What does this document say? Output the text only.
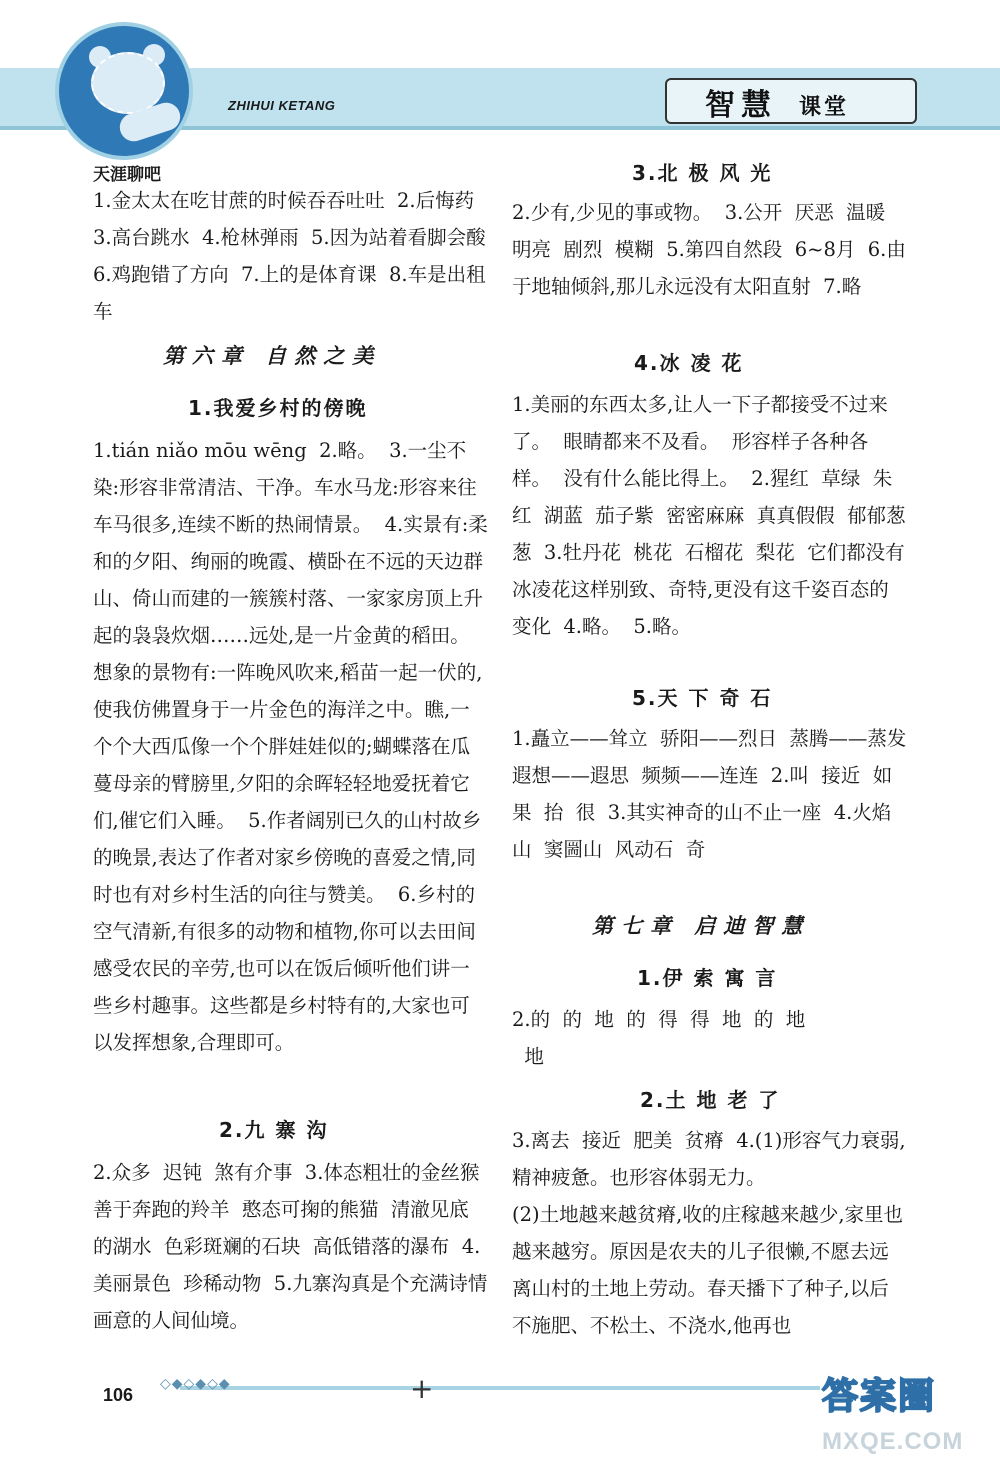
ZHIHUI KETANG	智慧 课堂
天涯聊吧
1.金太太在吃甘蔗的时候吞吞吐吐  2.后悔药  3.高台跳水  4.枪林弹雨  5.因为站着看脚会酸  6.鸡跑错了方向  7.上的是体育课  8.车是出租车
第六章 自然之美
1.我爱乡村的傍晚
1.tián niǎo mōu wēng  2.略。  3.一尘不染:形容非常清洁、干净。车水马龙:形容来往车马很多,连续不断的热闹情景。  4.实景有:柔和的夕阳、绚丽的晚霞、横卧在不远的天边群山、倚山而建的一簇簇村落、一家家房顶上升起的袅袅炊烟……远处,是一片金黄的稻田。想象的景物有:一阵晚风吹来,稻苗一起一伏的,使我仿佛置身于一片金色的海洋之中。瞧,一个个大西瓜像一个个胖娃娃似的;蝴蝶落在瓜蔓母亲的臂膀里,夕阳的余晖轻轻地爱抚着它们,催它们入睡。  5.作者阔别已久的山村故乡的晚景,表达了作者对家乡傍晚的喜爱之情,同时也有对乡村生活的向往与赞美。  6.乡村的空气清新,有很多的动物和植物,你可以去田间感受农民的辛劳,也可以在饭后倾听他们讲一些乡村趣事。这些都是乡村特有的,大家也可以发挥想象,合理即可。
2.九 寨 沟
2.众多  迟钝  煞有介事  3.体态粗壮的金丝猴  善于奔跑的羚羊  憨态可掬的熊猫  清澈见底的湖水  色彩斑斓的石块  高低错落的瀑布  4.美丽景色  珍稀动物  5.九寨沟真是个充满诗情画意的人间仙境。
3.北 极 风 光
2.少有,少见的事或物。  3.公开  厌恶  温暖  明亮  剧烈  模糊  5.第四自然段  6~8月  6.由于地轴倾斜,那儿永远没有太阳直射  7.略
4.冰 凌 花
1.美丽的东西太多,让人一下子都接受不过来了。  眼睛都来不及看。  形容样子各种各样。  没有什么能比得上。  2.猩红  草绿  朱红  湖蓝  茄子紫  密密麻麻  真真假假  郁郁葱葱  3.牡丹花  桃花  石榴花  梨花  它们都没有冰凌花这样别致、奇特,更没有这千姿百态的变化  4.略。  5.略。
5.天 下 奇 石
1.矗立——耸立  骄阳——烈日  蒸腾——蒸发  遐想——遐思  频频——连连  2.叫  接近  如果  抬  很  3.其实神奇的山不止一座  4.火焰山  窦圌山  风动石  奇
第七章 启迪智慧
1.伊 索 寓 言
2.的  的  地  的  得  得  地  的  地
地
2.土 地 老 了
3.离去  接近  肥美  贫瘠  4.(1)形容气力衰弱,精神疲惫。也形容体弱无力。
(2)土地越来越贫瘠,收的庄稼越来越少,家里也越来越穷。原因是农夫的儿子很懒,不愿去远离山村的土地上劳动。春天播下了种子,以后不施肥、不松土、不浇水,他再也
◇◆◇◆◇◆	+
106	答案圈
MXQE.COM
